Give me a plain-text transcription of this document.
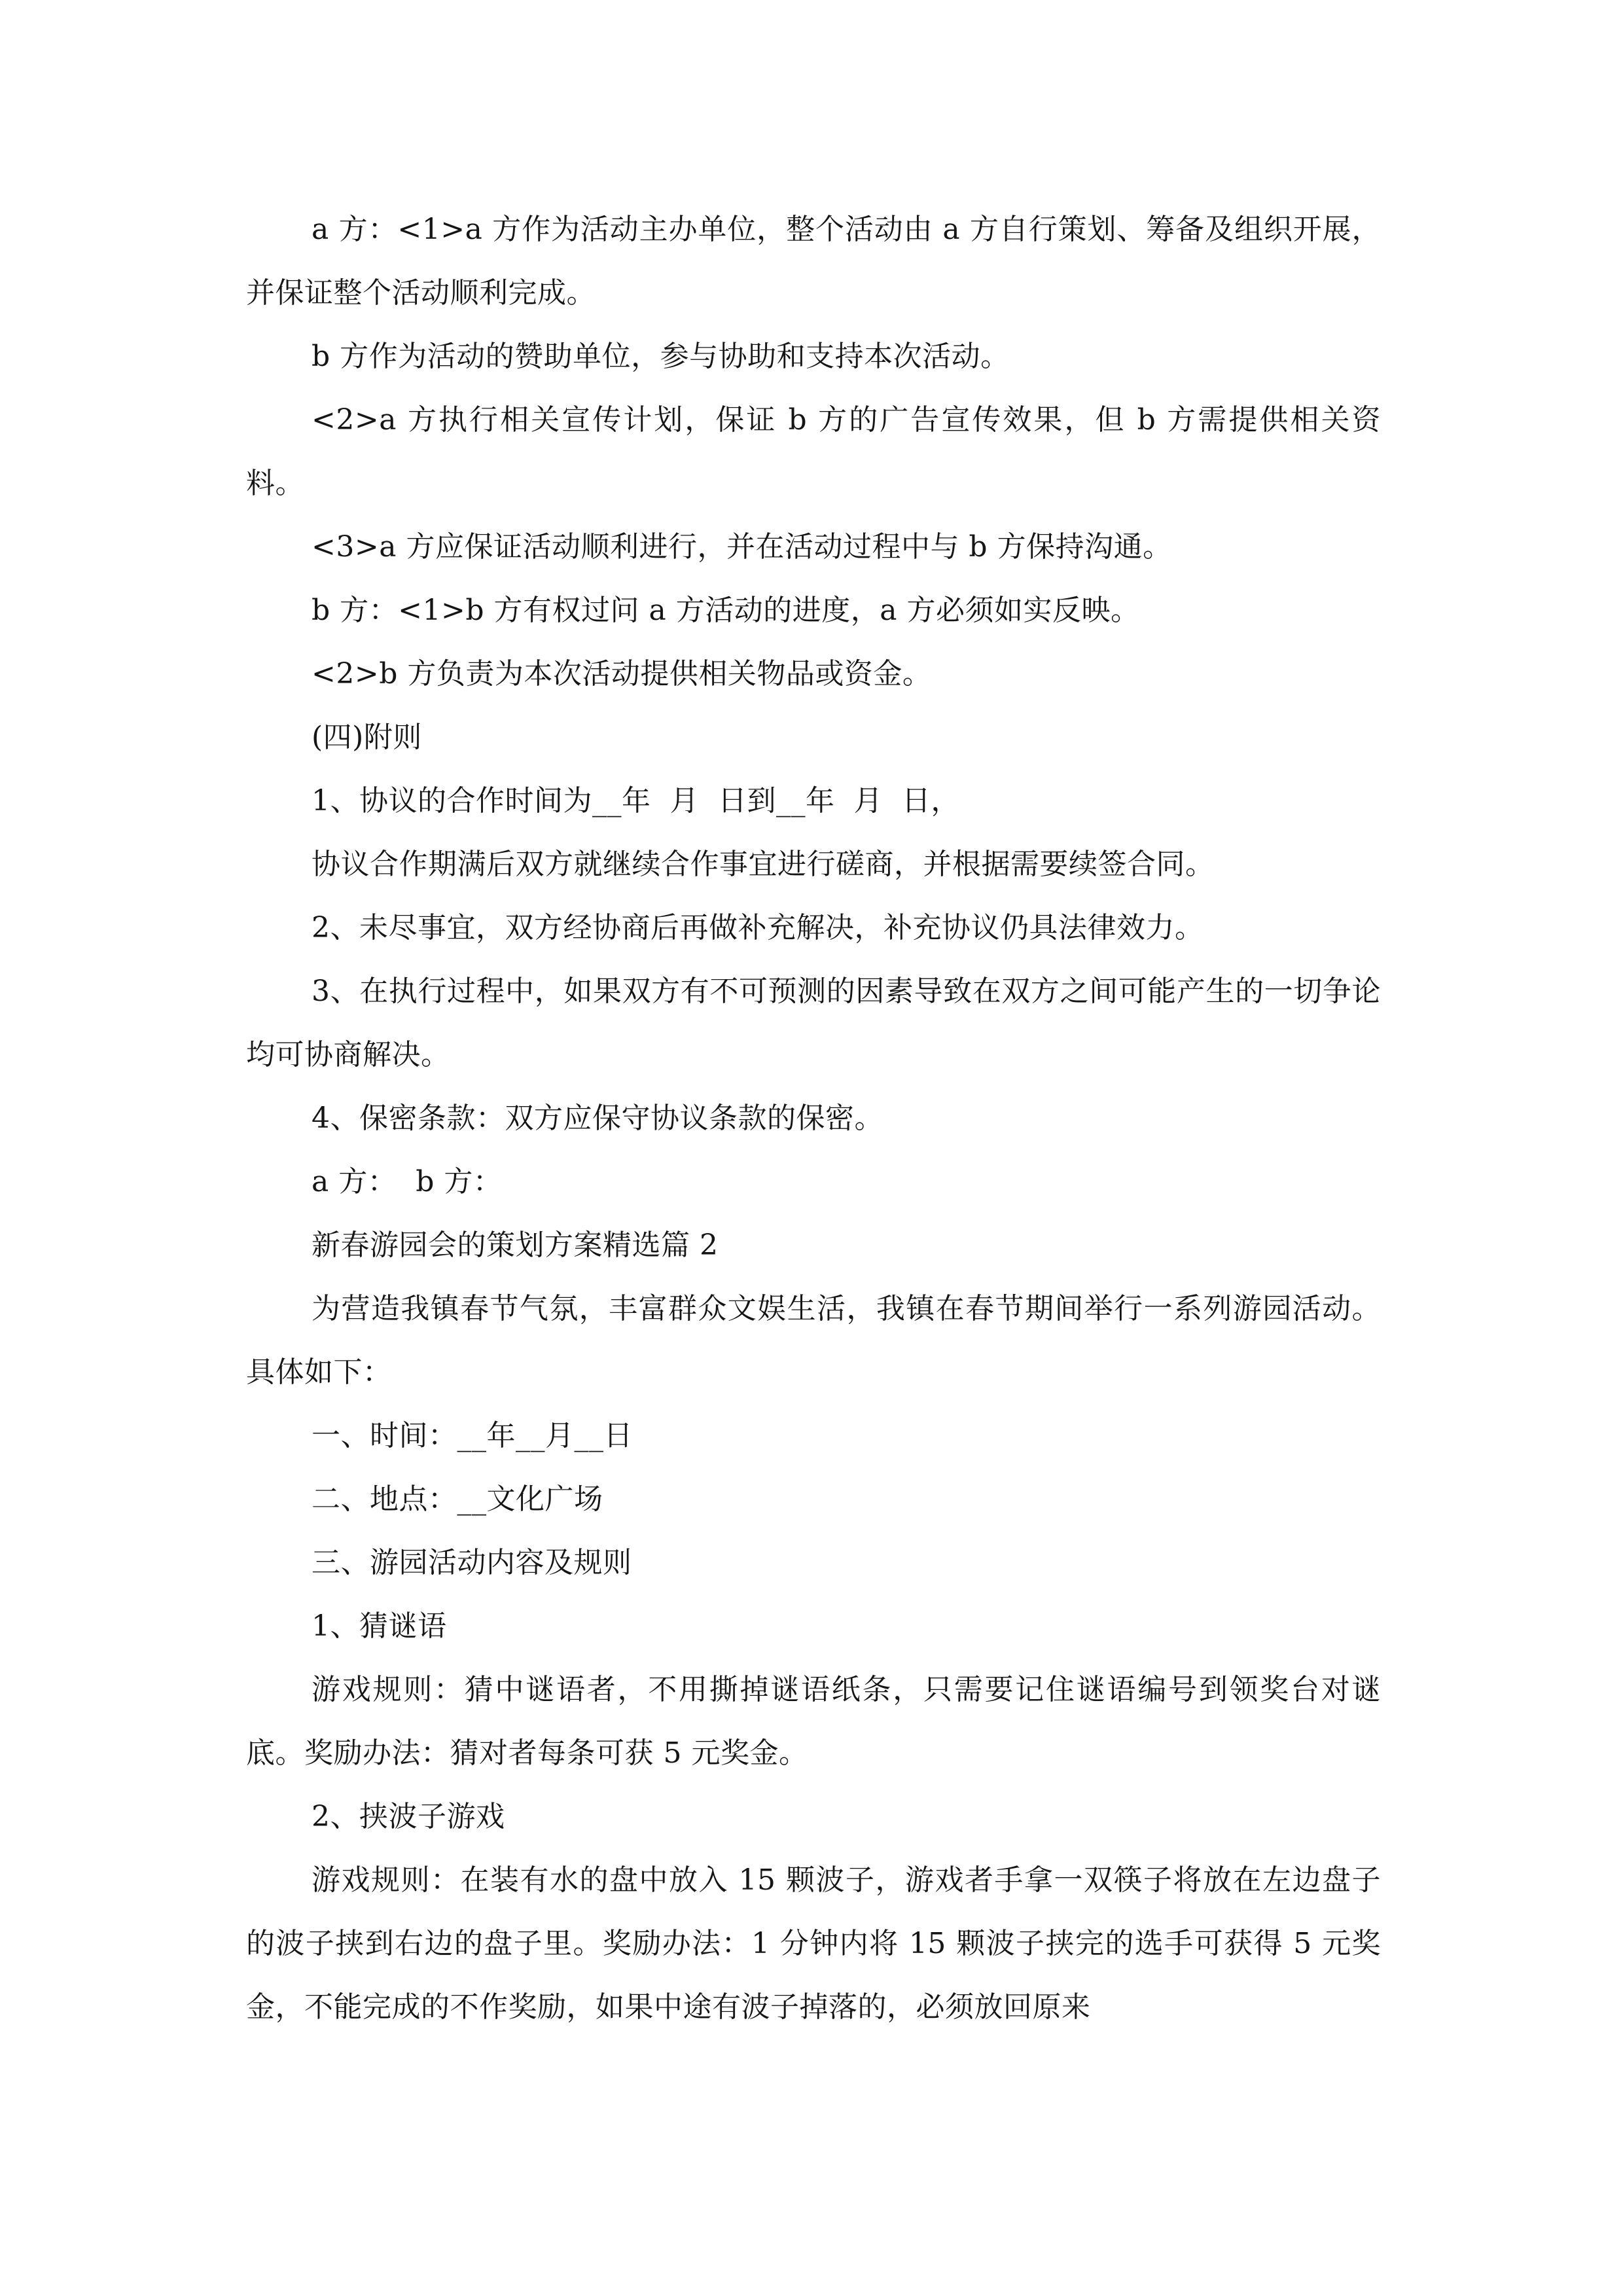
a 方：<1>a 方作为活动主办单位，整个活动由 a 方自行策划、筹备及组织开展，并保证整个活动顺利完成。

b 方作为活动的赞助单位，参与协助和支持本次活动。

<2>a 方执行相关宣传计划，保证 b 方的广告宣传效果，但 b 方需提供相关资料。

<3>a 方应保证活动顺利进行，并在活动过程中与 b 方保持沟通。

b 方：<1>b 方有权过问 a 方活动的进度，a 方必须如实反映。

<2>b 方负责为本次活动提供相关物品或资金。

(四)附则

1、协议的合作时间为__年  月  日到__年  月  日，

协议合作期满后双方就继续合作事宜进行磋商，并根据需要续签合同。

2、未尽事宜，双方经协商后再做补充解决，补充协议仍具法律效力。

3、在执行过程中，如果双方有不可预测的因素导致在双方之间可能产生的一切争论均可协商解决。

4、保密条款：双方应保守协议条款的保密。

a 方：  b 方：

新春游园会的策划方案精选篇 2

为营造我镇春节气氛，丰富群众文娱生活，我镇在春节期间举行一系列游园活动。具体如下：

一、时间：__年__月__日

二、地点：__文化广场

三、游园活动内容及规则

1、猜谜语

游戏规则：猜中谜语者，不用撕掉谜语纸条，只需要记住谜语编号到领奖台对谜底。奖励办法：猜对者每条可获 5 元奖金。

2、挟波子游戏

游戏规则：在装有水的盘中放入 15 颗波子，游戏者手拿一双筷子将放在左边盘子的波子挟到右边的盘子里。奖励办法：1 分钟内将 15 颗波子挟完的选手可获得 5 元奖金，不能完成的不作奖励，如果中途有波子掉落的，必须放回原来
